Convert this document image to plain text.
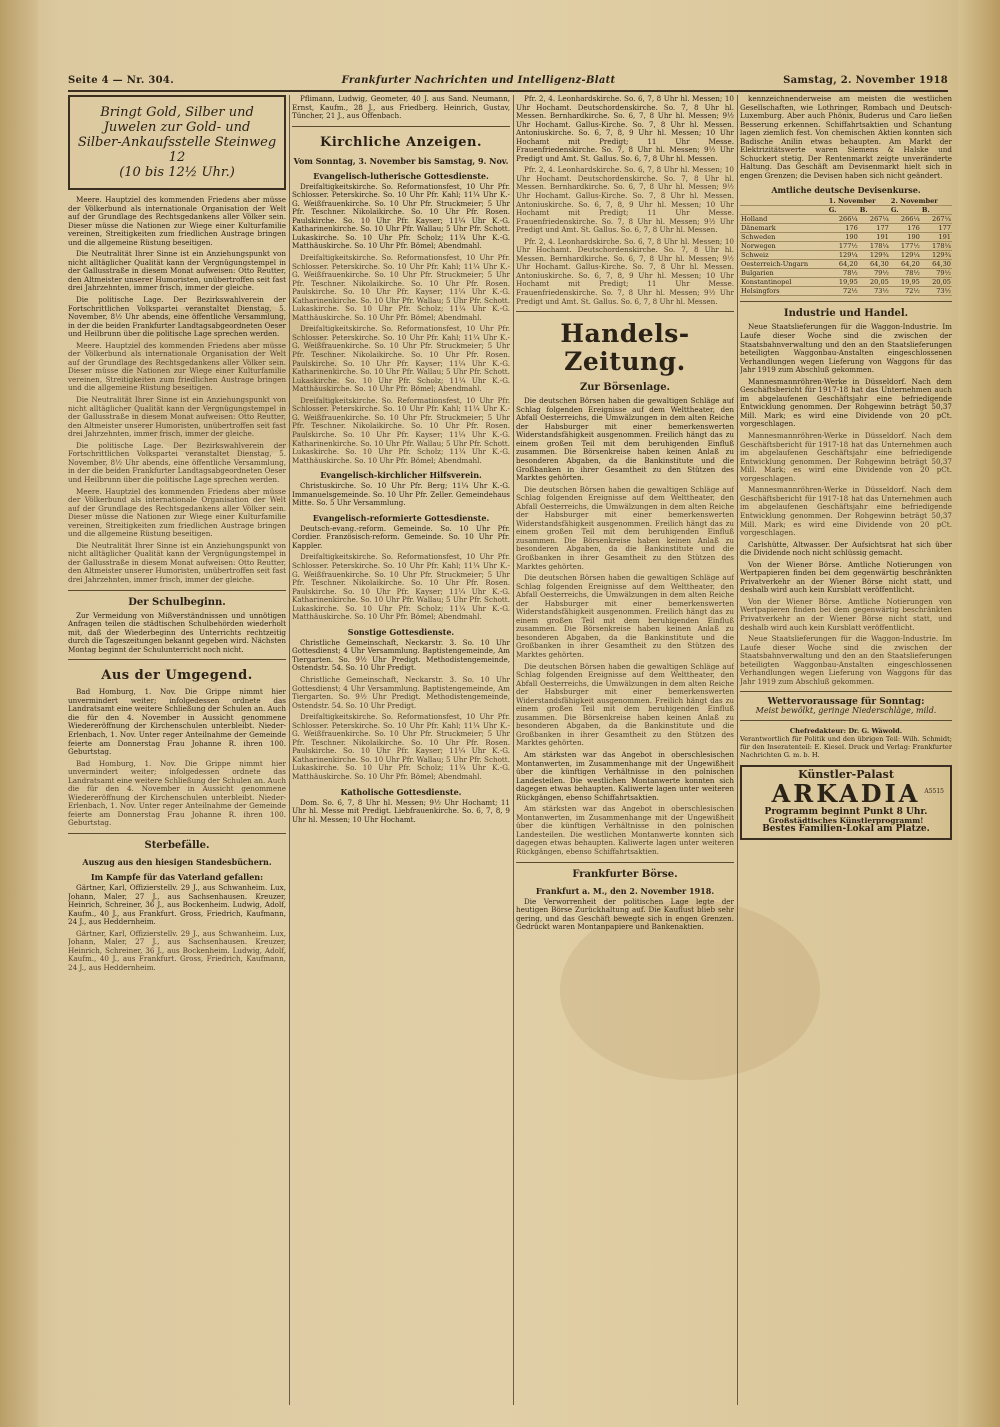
Seite 4 — Nr. 304.	Frankfurter Nachrichten und Intelligenz-Blatt	Samstag, 2. November 1918
Bringt Gold, Silber und
Juwelen zur Gold- und
Silber-Ankaufsstelle Steinweg 12
(10 bis 12½ Uhr.)

Meere. Hauptziel des kommenden Friedens aber müsse der Völkerbund als internationale Organisation der Welt auf der Grundlage des Rechtsgedankens aller Völker sein. Dieser müsse die Nationen zur Wiege einer Kulturfamilie vereinen, Streitigkeiten zum friedlichen Austrage bringen und die allgemeine Rüstung beseitigen.

Die Neutralität Ihrer Sinne ist ein Anziehungspunkt von nicht alltäglicher Qualität kann der Vergnügungstempel in der Gallusstraße in diesem Monat aufweisen: Otto Reutter, den Altmeister unserer Humoristen, unübertroffen seit fast drei Jahrzehnten, immer frisch, immer der gleiche.

Die politische Lage. Der Bezirkswahlverein der Fortschrittlichen Volkspartei veranstaltet Dienstag, 5. November, 8½ Uhr abends, eine öffentliche Versammlung, in der die beiden Frankfurter Landtagsabgeordneten Oeser und Heilbrunn über die politische Lage sprechen werden.

Meere. Hauptziel des kommenden Friedens aber müsse der Völkerbund als internationale Organisation der Welt auf der Grundlage des Rechtsgedankens aller Völker sein. Dieser müsse die Nationen zur Wiege einer Kulturfamilie vereinen, Streitigkeiten zum friedlichen Austrage bringen und die allgemeine Rüstung beseitigen.

Die Neutralität Ihrer Sinne ist ein Anziehungspunkt von nicht alltäglicher Qualität kann der Vergnügungstempel in der Gallusstraße in diesem Monat aufweisen: Otto Reutter, den Altmeister unserer Humoristen, unübertroffen seit fast drei Jahrzehnten, immer frisch, immer der gleiche.

Die politische Lage. Der Bezirkswahlverein der Fortschrittlichen Volkspartei veranstaltet Dienstag, 5. November, 8½ Uhr abends, eine öffentliche Versammlung, in der die beiden Frankfurter Landtagsabgeordneten Oeser und Heilbrunn über die politische Lage sprechen werden.

Meere. Hauptziel des kommenden Friedens aber müsse der Völkerbund als internationale Organisation der Welt auf der Grundlage des Rechtsgedankens aller Völker sein. Dieser müsse die Nationen zur Wiege einer Kulturfamilie vereinen, Streitigkeiten zum friedlichen Austrage bringen und die allgemeine Rüstung beseitigen.

Die Neutralität Ihrer Sinne ist ein Anziehungspunkt von nicht alltäglicher Qualität kann der Vergnügungstempel in der Gallusstraße in diesem Monat aufweisen: Otto Reutter, den Altmeister unserer Humoristen, unübertroffen seit fast drei Jahrzehnten, immer frisch, immer der gleiche.

Der Schulbeginn.

Zur Vermeidung von Mißverständnissen und unnötigen Anfragen teilen die städtischen Schulbehörden wiederholt mit, daß der Wiederbeginn des Unterrichts rechtzeitig durch die Tageszeitungen bekannt gegeben wird. Nächsten Montag beginnt der Schulunterricht noch nicht.

Aus der Umgegend.

Bad Homburg, 1. Nov. Die Grippe nimmt hier unvermindert weiter; infolgedessen ordnete das Landratsamt eine weitere Schließung der Schulen an. Auch die für den 4. November in Aussicht genommene Wiedereröffnung der Kirchenschulen unterbleibt. Nieder-Erlenbach, 1. Nov. Unter reger Anteilnahme der Gemeinde feierte am Donnerstag Frau Johanne R. ihren 100. Geburtstag.

Bad Homburg, 1. Nov. Die Grippe nimmt hier unvermindert weiter; infolgedessen ordnete das Landratsamt eine weitere Schließung der Schulen an. Auch die für den 4. November in Aussicht genommene Wiedereröffnung der Kirchenschulen unterbleibt. Nieder-Erlenbach, 1. Nov. Unter reger Anteilnahme der Gemeinde feierte am Donnerstag Frau Johanne R. ihren 100. Geburtstag.

Sterbefälle.
Auszug aus den hiesigen Standesbüchern.
Im Kampfe für das Vaterland gefallen:

Gärtner, Karl, Offizierstellv. 29 J., aus Schwanheim. Lux, Johann, Maler, 27 J., aus Sachsenhausen. Kreuzer, Heinrich, Schreiner, 36 J., aus Bockenheim. Ludwig, Adolf, Kaufm., 40 J., aus Frankfurt. Gross, Friedrich, Kaufmann, 24 J., aus Heddernheim.

Gärtner, Karl, Offizierstellv. 29 J., aus Schwanheim. Lux, Johann, Maler, 27 J., aus Sachsenhausen. Kreuzer, Heinrich, Schreiner, 36 J., aus Bockenheim. Ludwig, Adolf, Kaufm., 40 J., aus Frankfurt. Gross, Friedrich, Kaufmann, 24 J., aus Heddernheim.

Pflimann, Ludwig, Geometer, 40 J. aus Sand. Neumann, Ernst, Kaufm., 28 J., aus Friedberg. Heinrich, Gustav, Tüncher, 21 J., aus Offenbach.

Kirchliche Anzeigen.
Vom Sonntag, 3. November bis Samstag, 9. Nov.
Evangelisch-lutherische Gottesdienste.

Dreifaltigkeitskirche. So. Reformationsfest, 10 Uhr Pfr. Schlosser. Peterskirche. So. 10 Uhr Pfr. Kahl; 11¼ Uhr K.-G. Weißfrauenkirche. So. 10 Uhr Pfr. Struckmeier; 5 Uhr Pfr. Teschner. Nikolaikirche. So. 10 Uhr Pfr. Rosen. Paulskirche. So. 10 Uhr Pfr. Kayser; 11¼ Uhr K.-G. Katharinenkirche. So. 10 Uhr Pfr. Wallau; 5 Uhr Pfr. Schott. Lukaskirche. So. 10 Uhr Pfr. Scholz; 11¼ Uhr K.-G. Matthäuskirche. So. 10 Uhr Pfr. Bömel; Abendmahl.

Dreifaltigkeitskirche. So. Reformationsfest, 10 Uhr Pfr. Schlosser. Peterskirche. So. 10 Uhr Pfr. Kahl; 11¼ Uhr K.-G. Weißfrauenkirche. So. 10 Uhr Pfr. Struckmeier; 5 Uhr Pfr. Teschner. Nikolaikirche. So. 10 Uhr Pfr. Rosen. Paulskirche. So. 10 Uhr Pfr. Kayser; 11¼ Uhr K.-G. Katharinenkirche. So. 10 Uhr Pfr. Wallau; 5 Uhr Pfr. Schott. Lukaskirche. So. 10 Uhr Pfr. Scholz; 11¼ Uhr K.-G. Matthäuskirche. So. 10 Uhr Pfr. Bömel; Abendmahl.

Dreifaltigkeitskirche. So. Reformationsfest, 10 Uhr Pfr. Schlosser. Peterskirche. So. 10 Uhr Pfr. Kahl; 11¼ Uhr K.-G. Weißfrauenkirche. So. 10 Uhr Pfr. Struckmeier; 5 Uhr Pfr. Teschner. Nikolaikirche. So. 10 Uhr Pfr. Rosen. Paulskirche. So. 10 Uhr Pfr. Kayser; 11¼ Uhr K.-G. Katharinenkirche. So. 10 Uhr Pfr. Wallau; 5 Uhr Pfr. Schott. Lukaskirche. So. 10 Uhr Pfr. Scholz; 11¼ Uhr K.-G. Matthäuskirche. So. 10 Uhr Pfr. Bömel; Abendmahl.

Dreifaltigkeitskirche. So. Reformationsfest, 10 Uhr Pfr. Schlosser. Peterskirche. So. 10 Uhr Pfr. Kahl; 11¼ Uhr K.-G. Weißfrauenkirche. So. 10 Uhr Pfr. Struckmeier; 5 Uhr Pfr. Teschner. Nikolaikirche. So. 10 Uhr Pfr. Rosen. Paulskirche. So. 10 Uhr Pfr. Kayser; 11¼ Uhr K.-G. Katharinenkirche. So. 10 Uhr Pfr. Wallau; 5 Uhr Pfr. Schott. Lukaskirche. So. 10 Uhr Pfr. Scholz; 11¼ Uhr K.-G. Matthäuskirche. So. 10 Uhr Pfr. Bömel; Abendmahl.

Evangelisch-kirchlicher Hilfsverein.

Christuskirche. So. 10 Uhr Pfr. Berg; 11¼ Uhr K.-G. Immanuelsgemeinde. So. 10 Uhr Pfr. Zeller. Gemeindehaus Mitte. So. 5 Uhr Versammlung.

Evangelisch-reformierte Gottesdienste.

Deutsch-evang.-reform. Gemeinde. So. 10 Uhr Pfr. Cordier. Französisch-reform. Gemeinde. So. 10 Uhr Pfr. Kappler.

Dreifaltigkeitskirche. So. Reformationsfest, 10 Uhr Pfr. Schlosser. Peterskirche. So. 10 Uhr Pfr. Kahl; 11¼ Uhr K.-G. Weißfrauenkirche. So. 10 Uhr Pfr. Struckmeier; 5 Uhr Pfr. Teschner. Nikolaikirche. So. 10 Uhr Pfr. Rosen. Paulskirche. So. 10 Uhr Pfr. Kayser; 11¼ Uhr K.-G. Katharinenkirche. So. 10 Uhr Pfr. Wallau; 5 Uhr Pfr. Schott. Lukaskirche. So. 10 Uhr Pfr. Scholz; 11¼ Uhr K.-G. Matthäuskirche. So. 10 Uhr Pfr. Bömel; Abendmahl.

Sonstige Gottesdienste.

Christliche Gemeinschaft, Neckarstr. 3. So. 10 Uhr Gottesdienst; 4 Uhr Versammlung. Baptistengemeinde, Am Tiergarten. So. 9½ Uhr Predigt. Methodistengemeinde, Ostendstr. 54. So. 10 Uhr Predigt.

Christliche Gemeinschaft, Neckarstr. 3. So. 10 Uhr Gottesdienst; 4 Uhr Versammlung. Baptistengemeinde, Am Tiergarten. So. 9½ Uhr Predigt. Methodistengemeinde, Ostendstr. 54. So. 10 Uhr Predigt.

Dreifaltigkeitskirche. So. Reformationsfest, 10 Uhr Pfr. Schlosser. Peterskirche. So. 10 Uhr Pfr. Kahl; 11¼ Uhr K.-G. Weißfrauenkirche. So. 10 Uhr Pfr. Struckmeier; 5 Uhr Pfr. Teschner. Nikolaikirche. So. 10 Uhr Pfr. Rosen. Paulskirche. So. 10 Uhr Pfr. Kayser; 11¼ Uhr K.-G. Katharinenkirche. So. 10 Uhr Pfr. Wallau; 5 Uhr Pfr. Schott. Lukaskirche. So. 10 Uhr Pfr. Scholz; 11¼ Uhr K.-G. Matthäuskirche. So. 10 Uhr Pfr. Bömel; Abendmahl.

Katholische Gottesdienste.

Dom. So. 6, 7, 8 Uhr hl. Messen; 9½ Uhr Hochamt; 11 Uhr hl. Messe mit Predigt. Liebfrauenkirche. So. 6, 7, 8, 9 Uhr hl. Messen; 10 Uhr Hochamt.

Pfr. 2, 4. Leonhardskirche. So. 6, 7, 8 Uhr hl. Messen; 10 Uhr Hochamt. Deutschordenskirche. So. 7, 8 Uhr hl. Messen. Bernhardkirche. So. 6, 7, 8 Uhr hl. Messen; 9½ Uhr Hochamt. Gallus-Kirche. So. 7, 8 Uhr hl. Messen. Antoniuskirche. So. 6, 7, 8, 9 Uhr hl. Messen; 10 Uhr Hochamt mit Predigt; 11 Uhr Messe. Frauenfriedenskirche. So. 7, 8 Uhr hl. Messen; 9½ Uhr Predigt und Amt. St. Gallus. So. 6, 7, 8 Uhr hl. Messen.

Pfr. 2, 4. Leonhardskirche. So. 6, 7, 8 Uhr hl. Messen; 10 Uhr Hochamt. Deutschordenskirche. So. 7, 8 Uhr hl. Messen. Bernhardkirche. So. 6, 7, 8 Uhr hl. Messen; 9½ Uhr Hochamt. Gallus-Kirche. So. 7, 8 Uhr hl. Messen. Antoniuskirche. So. 6, 7, 8, 9 Uhr hl. Messen; 10 Uhr Hochamt mit Predigt; 11 Uhr Messe. Frauenfriedenskirche. So. 7, 8 Uhr hl. Messen; 9½ Uhr Predigt und Amt. St. Gallus. So. 6, 7, 8 Uhr hl. Messen.

Pfr. 2, 4. Leonhardskirche. So. 6, 7, 8 Uhr hl. Messen; 10 Uhr Hochamt. Deutschordenskirche. So. 7, 8 Uhr hl. Messen. Bernhardkirche. So. 6, 7, 8 Uhr hl. Messen; 9½ Uhr Hochamt. Gallus-Kirche. So. 7, 8 Uhr hl. Messen. Antoniuskirche. So. 6, 7, 8, 9 Uhr hl. Messen; 10 Uhr Hochamt mit Predigt; 11 Uhr Messe. Frauenfriedenskirche. So. 7, 8 Uhr hl. Messen; 9½ Uhr Predigt und Amt. St. Gallus. So. 6, 7, 8 Uhr hl. Messen.

Handels-Zeitung.
Zur Börsenlage.

Die deutschen Börsen haben die gewaltigen Schläge auf Schlag folgenden Ereignisse auf dem Welttheater, den Abfall Oesterreichs, die Umwälzungen in dem alten Reiche der Habsburger mit einer bemerkenswerten Widerstandsfähigkeit ausgenommen. Freilich hängt das zu einem großen Teil mit dem beruhigenden Einfluß zusammen. Die Börsenkreise haben keinen Anlaß zu besonderen Abgaben, da die Bankinstitute und die Großbanken in ihrer Gesamtheit zu den Stützen des Marktes gehörten.

Die deutschen Börsen haben die gewaltigen Schläge auf Schlag folgenden Ereignisse auf dem Welttheater, den Abfall Oesterreichs, die Umwälzungen in dem alten Reiche der Habsburger mit einer bemerkenswerten Widerstandsfähigkeit ausgenommen. Freilich hängt das zu einem großen Teil mit dem beruhigenden Einfluß zusammen. Die Börsenkreise haben keinen Anlaß zu besonderen Abgaben, da die Bankinstitute und die Großbanken in ihrer Gesamtheit zu den Stützen des Marktes gehörten.

Die deutschen Börsen haben die gewaltigen Schläge auf Schlag folgenden Ereignisse auf dem Welttheater, den Abfall Oesterreichs, die Umwälzungen in dem alten Reiche der Habsburger mit einer bemerkenswerten Widerstandsfähigkeit ausgenommen. Freilich hängt das zu einem großen Teil mit dem beruhigenden Einfluß zusammen. Die Börsenkreise haben keinen Anlaß zu besonderen Abgaben, da die Bankinstitute und die Großbanken in ihrer Gesamtheit zu den Stützen des Marktes gehörten.

Die deutschen Börsen haben die gewaltigen Schläge auf Schlag folgenden Ereignisse auf dem Welttheater, den Abfall Oesterreichs, die Umwälzungen in dem alten Reiche der Habsburger mit einer bemerkenswerten Widerstandsfähigkeit ausgenommen. Freilich hängt das zu einem großen Teil mit dem beruhigenden Einfluß zusammen. Die Börsenkreise haben keinen Anlaß zu besonderen Abgaben, da die Bankinstitute und die Großbanken in ihrer Gesamtheit zu den Stützen des Marktes gehörten.

Am stärksten war das Angebot in oberschlesischen Montanwerten, im Zusammenhange mit der Ungewißheit über die künftigen Verhältnisse in den polnischen Landesteilen. Die westlichen Montanwerte konnten sich dagegen etwas behaupten. Kaliwerte lagen unter weiteren Rückgängen, ebenso Schiffahrtsaktien.

Am stärksten war das Angebot in oberschlesischen Montanwerten, im Zusammenhange mit der Ungewißheit über die künftigen Verhältnisse in den polnischen Landesteilen. Die westlichen Montanwerte konnten sich dagegen etwas behaupten. Kaliwerte lagen unter weiteren Rückgängen, ebenso Schiffahrtsaktien.

Frankfurter Börse.
Frankfurt a. M., den 2. November 1918.

Die Verworrenheit der politischen Lage legte der heutigen Börse Zurückhaltung auf. Die Kauflust blieb sehr gering, und das Geschäft bewegte sich in engen Grenzen. Gedrückt waren Montanpapiere und Bankenaktien.

kennzeichnenderweise am meisten die westlichen Gesellschaften, wie Lothringer, Rombach und Deutsch-Luxemburg. Aber auch Phönix, Buderus und Caro ließen Besserung erkennen. Schiffahrtsaktien und Schantung lagen ziemlich fest. Von chemischen Aktien konnten sich Badische Anilin etwas behaupten. Am Markt der Elektrizitätswerte waren Siemens & Halske und Schuckert stetig. Der Rentenmarkt zeigte unveränderte Haltung. Das Geschäft am Devisenmarkt hielt sich in engen Grenzen; die Devisen haben sich nicht geändert.

Amtliche deutsche Devisenkurse.
	1. November		2. November	
	G.	B.	G.	B.
Holland	266¼	267¼	266¼	267¼
Dänemark	176	177	176	177
Schweden	190	191	190	191
Norwegen	177½	178¼	177½	178¼
Schweiz	129¼	129¾	129¼	129¾
Oesterreich-Ungarn	64,20	64,30	64,20	64,30
Bulgarien	78½	79½	78½	79½
Konstantinopel	19,95	20,05	19,95	20,05
Helsingfors	72½	73½	72½	73½
Industrie und Handel.

Neue Staatslieferungen für die Waggon-Industrie. Im Laufe dieser Woche sind die zwischen der Staatsbahnverwaltung und den an den Staatslieferungen beteiligten Waggonbau-Anstalten eingeschlossenen Verhandlungen wegen Lieferung von Waggons für das Jahr 1919 zum Abschluß gekommen.

Mannesmannröhren-Werke in Düsseldorf. Nach dem Geschäftsbericht für 1917-18 hat das Unternehmen auch im abgelaufenen Geschäftsjahr eine befriedigende Entwicklung genommen. Der Rohgewinn beträgt 50,37 Mill. Mark; es wird eine Dividende von 20 pCt. vorgeschlagen.

Mannesmannröhren-Werke in Düsseldorf. Nach dem Geschäftsbericht für 1917-18 hat das Unternehmen auch im abgelaufenen Geschäftsjahr eine befriedigende Entwicklung genommen. Der Rohgewinn beträgt 50,37 Mill. Mark; es wird eine Dividende von 20 pCt. vorgeschlagen.

Mannesmannröhren-Werke in Düsseldorf. Nach dem Geschäftsbericht für 1917-18 hat das Unternehmen auch im abgelaufenen Geschäftsjahr eine befriedigende Entwicklung genommen. Der Rohgewinn beträgt 50,37 Mill. Mark; es wird eine Dividende von 20 pCt. vorgeschlagen.

Carlshütte, Altwasser. Der Aufsichtsrat hat sich über die Dividende noch nicht schlüssig gemacht.

Von der Wiener Börse. Amtliche Notierungen von Wertpapieren finden bei dem gegenwärtig beschränkten Privatverkehr an der Wiener Börse nicht statt, und deshalb wird auch kein Kursblatt veröffentlicht.

Von der Wiener Börse. Amtliche Notierungen von Wertpapieren finden bei dem gegenwärtig beschränkten Privatverkehr an der Wiener Börse nicht statt, und deshalb wird auch kein Kursblatt veröffentlicht.

Neue Staatslieferungen für die Waggon-Industrie. Im Laufe dieser Woche sind die zwischen der Staatsbahnverwaltung und den an den Staatslieferungen beteiligten Waggonbau-Anstalten eingeschlossenen Verhandlungen wegen Lieferung von Waggons für das Jahr 1919 zum Abschluß gekommen.

Wettervoraussage für Sonntag:
Meist bewölkt, geringe Niederschläge, mild.
Chefredakteur: Dr. G. Wäwold.
Verantwortlich für Politik und den übrigen Teil: Wilh. Schmidt; für den Inseratenteil: E. Kiesel. Druck und Verlag: Frankfurter Nachrichten G. m. b. H.
Künstler-Palast
ARKADIA A5515
Programm beginnt Punkt 8 Uhr.
Großstädtisches Künstlerprogramm!
Bestes Familien-Lokal am Platze.
